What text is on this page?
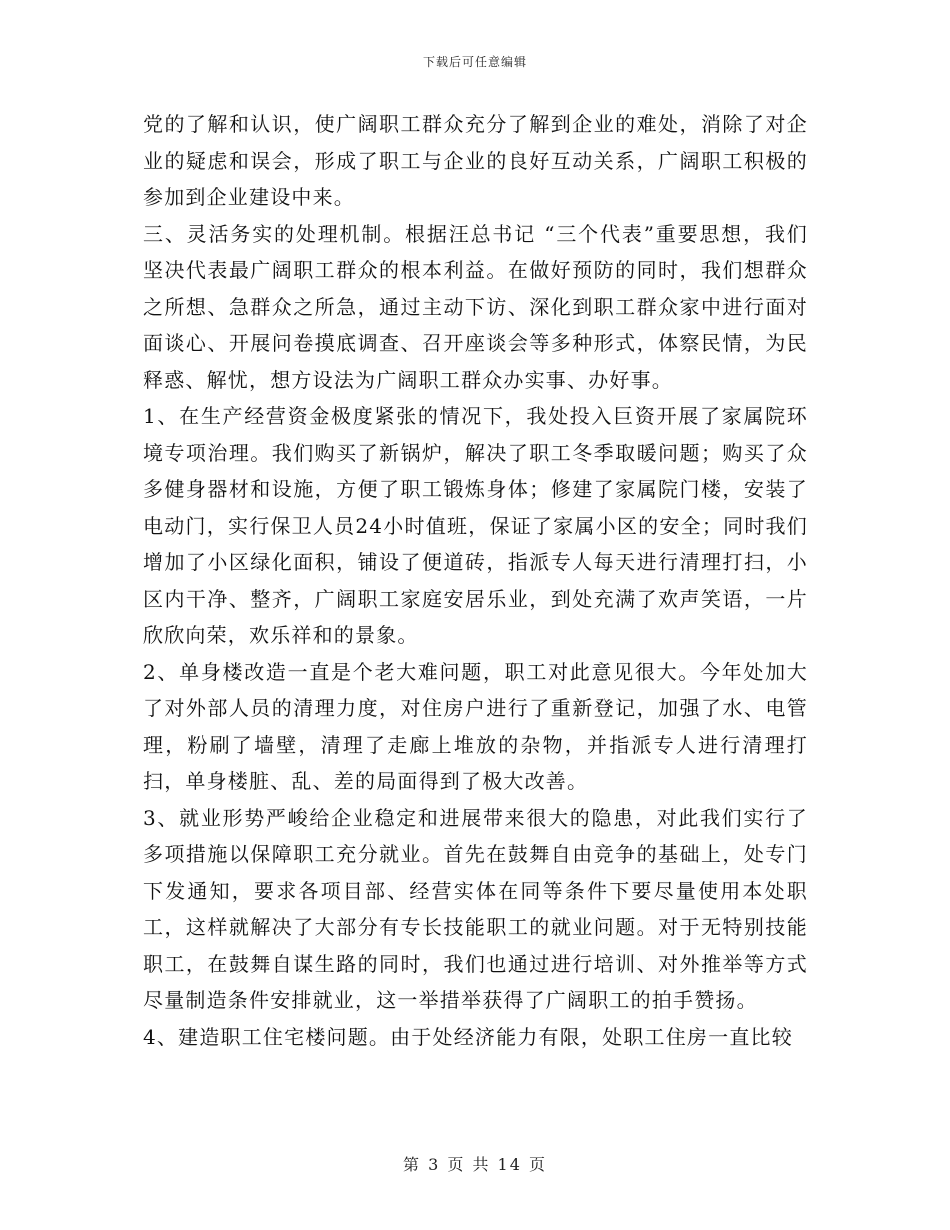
下载后可任意编辑

党的了解和认识，使广阔职工群众充分了解到企业的难处，消除了对企业的疑虑和误会，形成了职工与企业的良好互动关系，广阔职工积极的参加到企业建设中来。

三、灵活务实的处理机制。根据汪总书记 “三个代表”重要思想，我们坚决代表最广阔职工群众的根本利益。在做好预防的同时，我们想群众之所想、急群众之所急，通过主动下访、深化到职工群众家中进行面对面谈心、开展问卷摸底调查、召开座谈会等多种形式，体察民情，为民释惑、解忧，想方设法为广阔职工群众办实事、办好事。

1、在生产经营资金极度紧张的情况下，我处投入巨资开展了家属院环境专项治理。我们购买了新锅炉，解决了职工冬季取暖问题；购买了众多健身器材和设施，方便了职工锻炼身体；修建了家属院门楼，安装了电动门，实行保卫人员24小时值班，保证了家属小区的安全；同时我们增加了小区绿化面积，铺设了便道砖，指派专人每天进行清理打扫，小区内干净、整齐，广阔职工家庭安居乐业，到处充满了欢声笑语，一片欣欣向荣，欢乐祥和的景象。

2、单身楼改造一直是个老大难问题，职工对此意见很大。今年处加大了对外部人员的清理力度，对住房户进行了重新登记，加强了水、电管理，粉刷了墙壁，清理了走廊上堆放的杂物，并指派专人进行清理打扫，单身楼脏、乱、差的局面得到了极大改善。

3、就业形势严峻给企业稳定和进展带来很大的隐患，对此我们实行了多项措施以保障职工充分就业。首先在鼓舞自由竞争的基础上，处专门下发通知，要求各项目部、经营实体在同等条件下要尽量使用本处职工，这样就解决了大部分有专长技能职工的就业问题。对于无特别技能职工，在鼓舞自谋生路的同时，我们也通过进行培训、对外推举等方式尽量制造条件安排就业，这一举措举获得了广阔职工的拍手赞扬。

4、建造职工住宅楼问题。由于处经济能力有限，处职工住房一直比较

第 3 页 共 14 页
